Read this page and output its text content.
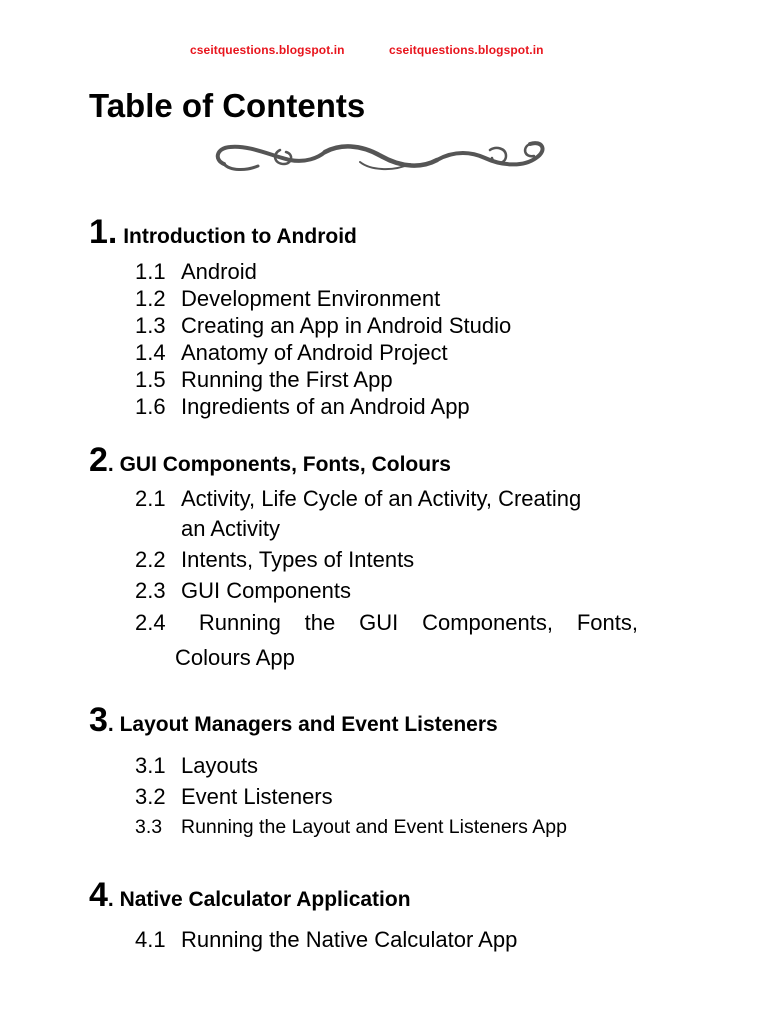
cseitquestions.blogspot.in	cseitquestions.blogspot.in
Table of Contents

1. Introduction to Android

1.1 Android

1.2 Development Environment

1.3 Creating an App in Android Studio

1.4 Anatomy of Android Project

1.5 Running the First App

1.6 Ingredients of an Android App

2. GUI Components, Fonts, Colours

2.1 Activity, Life Cycle of an Activity, Creating

an Activity

2.2 Intents, Types of Intents

2.3 GUI Components

2.4 Running the GUI Components, Fonts,

Colours App

3. Layout Managers and Event Listeners

3.1 Layouts

3.2 Event Listeners

3.3 Running the Layout and Event Listeners App

4. Native Calculator Application

4.1 Running the Native Calculator App
